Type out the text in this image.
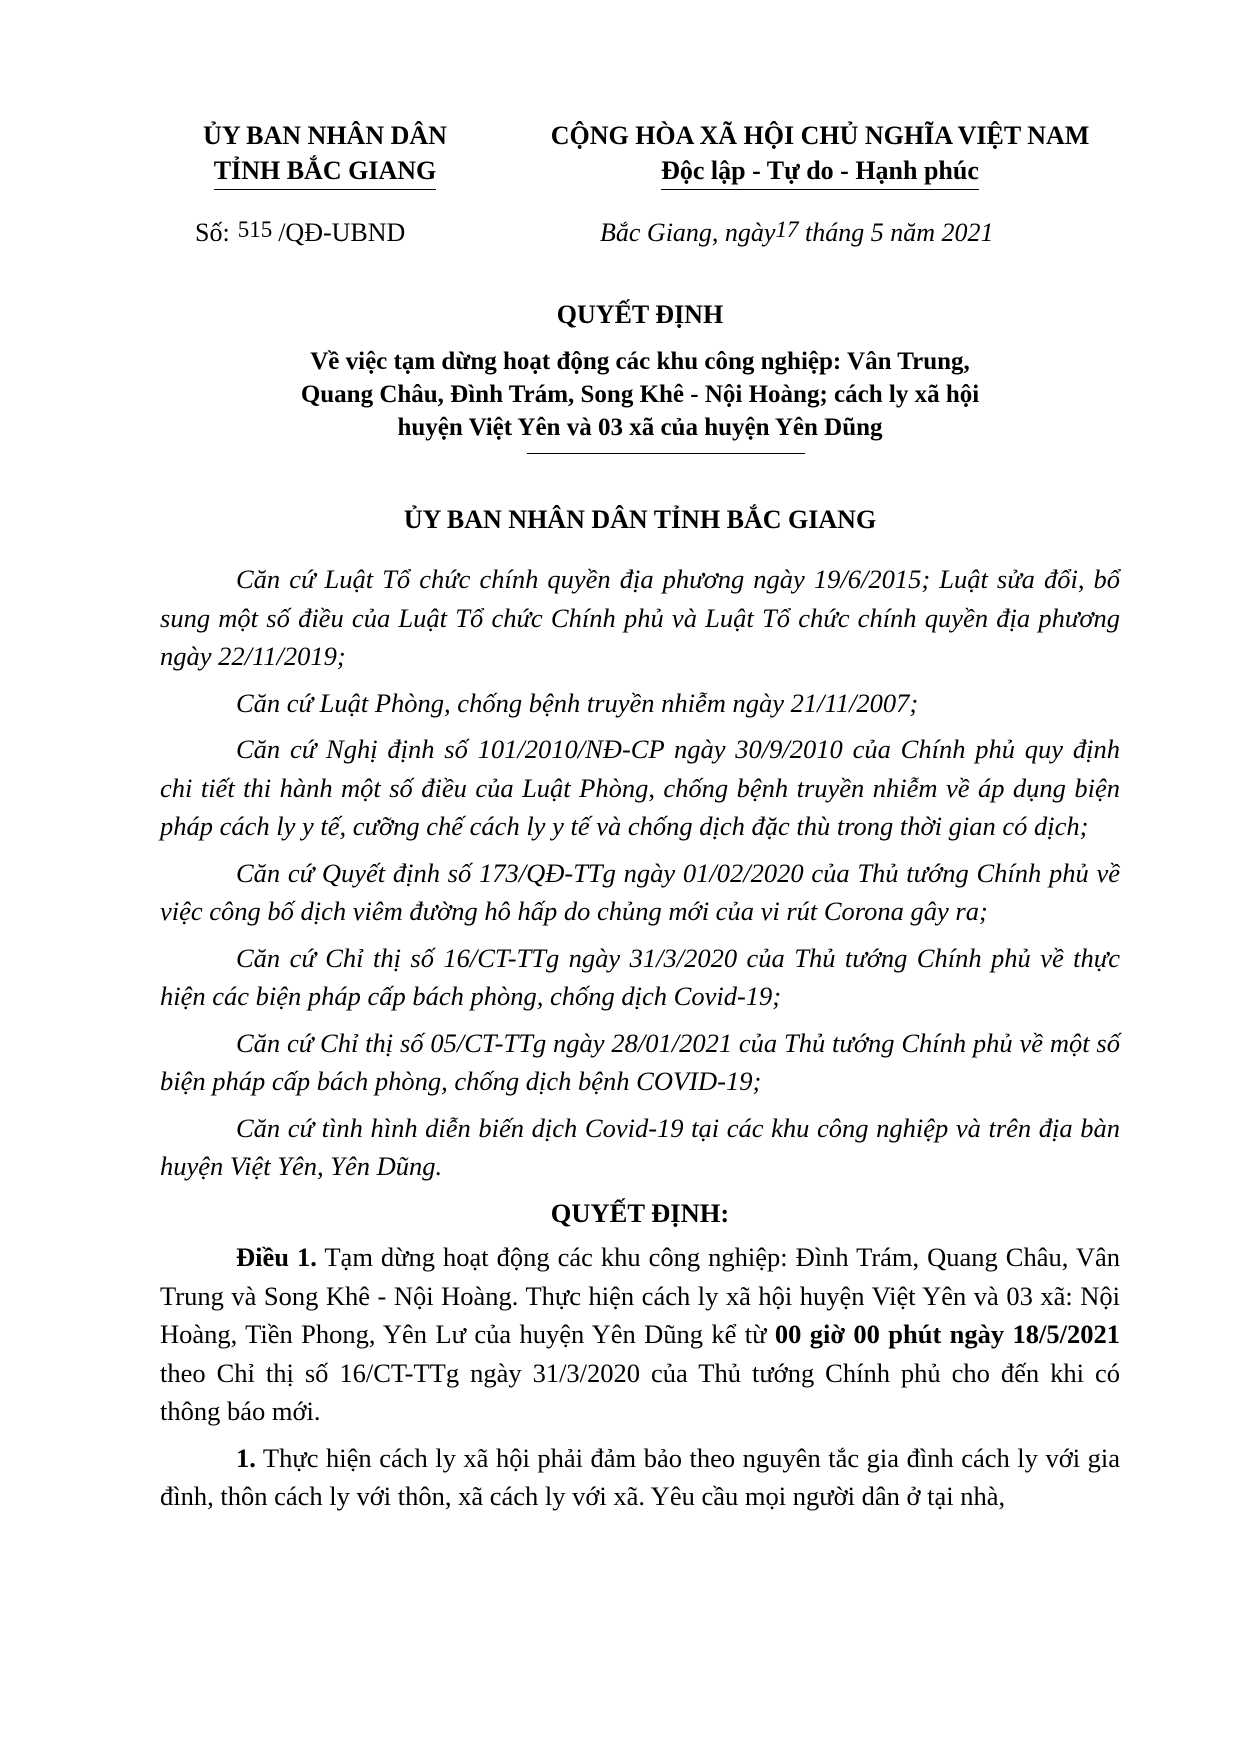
ỦY BAN NHÂN DÂN
TỈNH BẮC GIANG
CỘNG HÒA XÃ HỘI CHỦ NGHĨA VIỆT NAM
Độc lập - Tự do - Hạnh phúc
Số: 515 /QĐ-UBND	Bắc Giang, ngày17 tháng 5 năm 2021
QUYẾT ĐỊNH
Về việc tạm dừng hoạt động các khu công nghiệp: Vân Trung,
Quang Châu, Đình Trám, Song Khê - Nội Hoàng; cách ly xã hội
huyện Việt Yên và 03 xã của huyện Yên Dũng
ỦY BAN NHÂN DÂN TỈNH BẮC GIANG

Căn cứ Luật Tổ chức chính quyền địa phương ngày 19/6/2015; Luật sửa đổi, bổ sung một số điều của Luật Tổ chức Chính phủ và Luật Tổ chức chính quyền địa phương ngày 22/11/2019;

Căn cứ Luật Phòng, chống bệnh truyền nhiễm ngày 21/11/2007;

Căn cứ Nghị định số 101/2010/NĐ-CP ngày 30/9/2010 của Chính phủ quy định chi tiết thi hành một số điều của Luật Phòng, chống bệnh truyền nhiễm về áp dụng biện pháp cách ly y tế, cưỡng chế cách ly y tế và chống dịch đặc thù trong thời gian có dịch;

Căn cứ Quyết định số 173/QĐ-TTg ngày 01/02/2020 của Thủ tướng Chính phủ về việc công bố dịch viêm đường hô hấp do chủng mới của vi rút Corona gây ra;

Căn cứ Chỉ thị số 16/CT-TTg ngày 31/3/2020 của Thủ tướng Chính phủ về thực hiện các biện pháp cấp bách phòng, chống dịch Covid-19;

Căn cứ Chỉ thị số 05/CT-TTg ngày 28/01/2021 của Thủ tướng Chính phủ về một số biện pháp cấp bách phòng, chống dịch bệnh COVID-19;

Căn cứ tình hình diễn biến dịch Covid-19 tại các khu công nghiệp và trên địa bàn huyện Việt Yên, Yên Dũng.

QUYẾT ĐỊNH:

Điều 1. Tạm dừng hoạt động các khu công nghiệp: Đình Trám, Quang Châu, Vân Trung và Song Khê - Nội Hoàng. Thực hiện cách ly xã hội huyện Việt Yên và 03 xã: Nội Hoàng, Tiền Phong, Yên Lư của huyện Yên Dũng kể từ 00 giờ 00 phút ngày 18/5/2021 theo Chỉ thị số 16/CT-TTg ngày 31/3/2020 của Thủ tướng Chính phủ cho đến khi có thông báo mới.

1. Thực hiện cách ly xã hội phải đảm bảo theo nguyên tắc gia đình cách ly với gia đình, thôn cách ly với thôn, xã cách ly với xã. Yêu cầu mọi người dân ở tại nhà,
